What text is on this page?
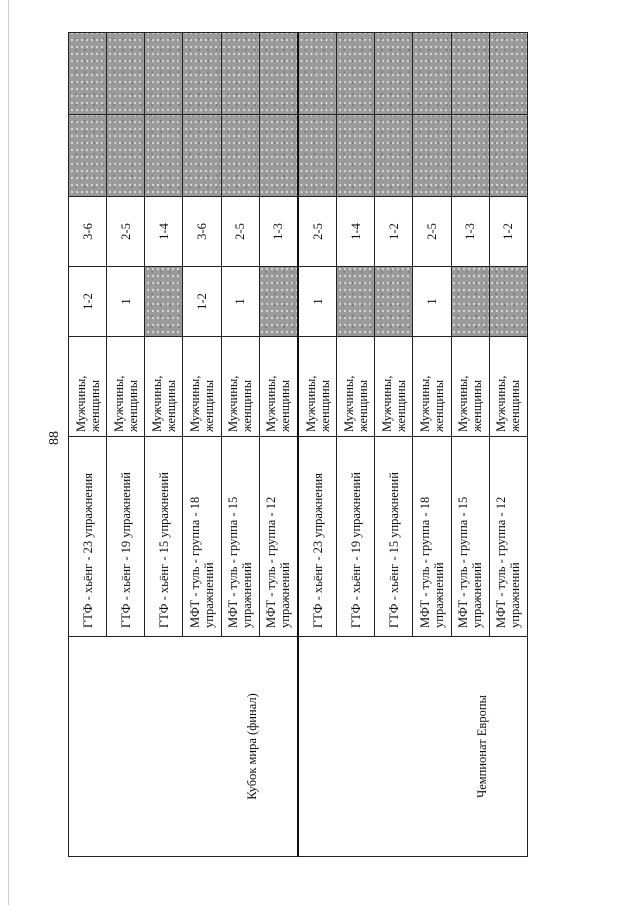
88
Кубок мира (финал)	ГТФ - хьёнг - 23 упражнения	Мужчины, женщины	1-2	3-6		
	ГТФ - хьёнг - 19 упражнений	Мужчины, женщины	1	2-5		
	ГТФ - хьёнг - 15 упражнений	Мужчины, женщины		1-4		
	МФТ - туль - группа - 18 упражнений	Мужчины, женщины	1-2	3-6		
	МФТ - туль - группа - 15 упражнений	Мужчины, женщины	1	2-5		
	МФТ - туль - группа - 12 упражнений	Мужчины, женщины		1-3		
Чемпионат Европы	ГТФ - хьёнг - 23 упражнения	Мужчины, женщины	1	2-5		
	ГТФ - хьёнг - 19 упражнений	Мужчины, женщины		1-4		
	ГТФ - хьёнг - 15 упражнений	Мужчины, женщины		1-2		
	МФТ - туль - группа - 18 упражнений	Мужчины, женщины	1	2-5		
	МФТ - туль - группа - 15 упражнений	Мужчины, женщины		1-3		
	МФТ - туль - группа - 12 упражнений	Мужчины, женщины		1-2		
